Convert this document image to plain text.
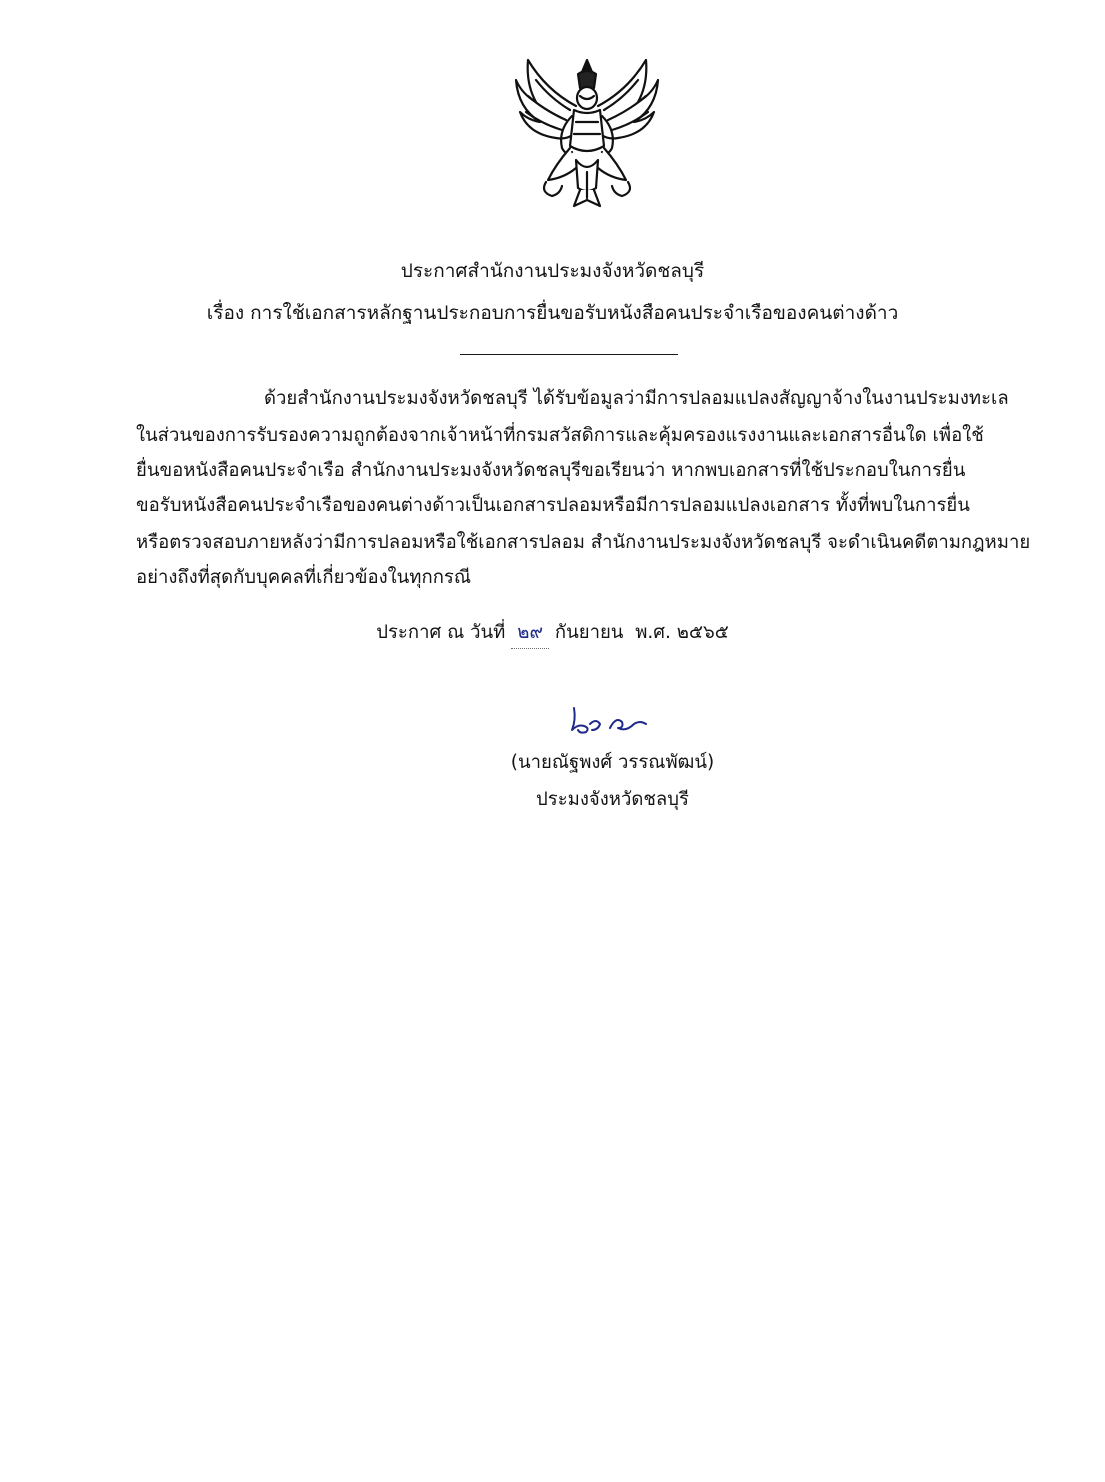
ประกาศสำนักงานประมงจังหวัดชลบุรี
เรื่อง การใช้เอกสารหลักฐานประกอบการยื่นขอรับหนังสือคนประจำเรือของคนต่างด้าว
ด้วยสำนักงานประมงจังหวัดชลบุรี ได้รับข้อมูลว่ามีการปลอมแปลงสัญญาจ้างในงานประมงทะเล
ในส่วนของการรับรองความถูกต้องจากเจ้าหน้าที่กรมสวัสดิการและคุ้มครองแรงงานและเอกสารอื่นใด เพื่อใช้
ยื่นขอหนังสือคนประจำเรือ สำนักงานประมงจังหวัดชลบุรีขอเรียนว่า หากพบเอกสารที่ใช้ประกอบในการยื่น
ขอรับหนังสือคนประจำเรือของคนต่างด้าวเป็นเอกสารปลอมหรือมีการปลอมแปลงเอกสาร ทั้งที่พบในการยื่น
หรือตรวจสอบภายหลังว่ามีการปลอมหรือใช้เอกสารปลอม สำนักงานประมงจังหวัดชลบุรี จะดำเนินคดีตามกฎหมาย
อย่างถึงที่สุดกับบุคคลที่เกี่ยวข้องในทุกกรณี
ประกาศ ณ วันที่ ๒๙ กันยายน พ.ศ. ๒๕๖๕
(นายณัฐพงศ์ วรรณพัฒน์)
ประมงจังหวัดชลบุรี
